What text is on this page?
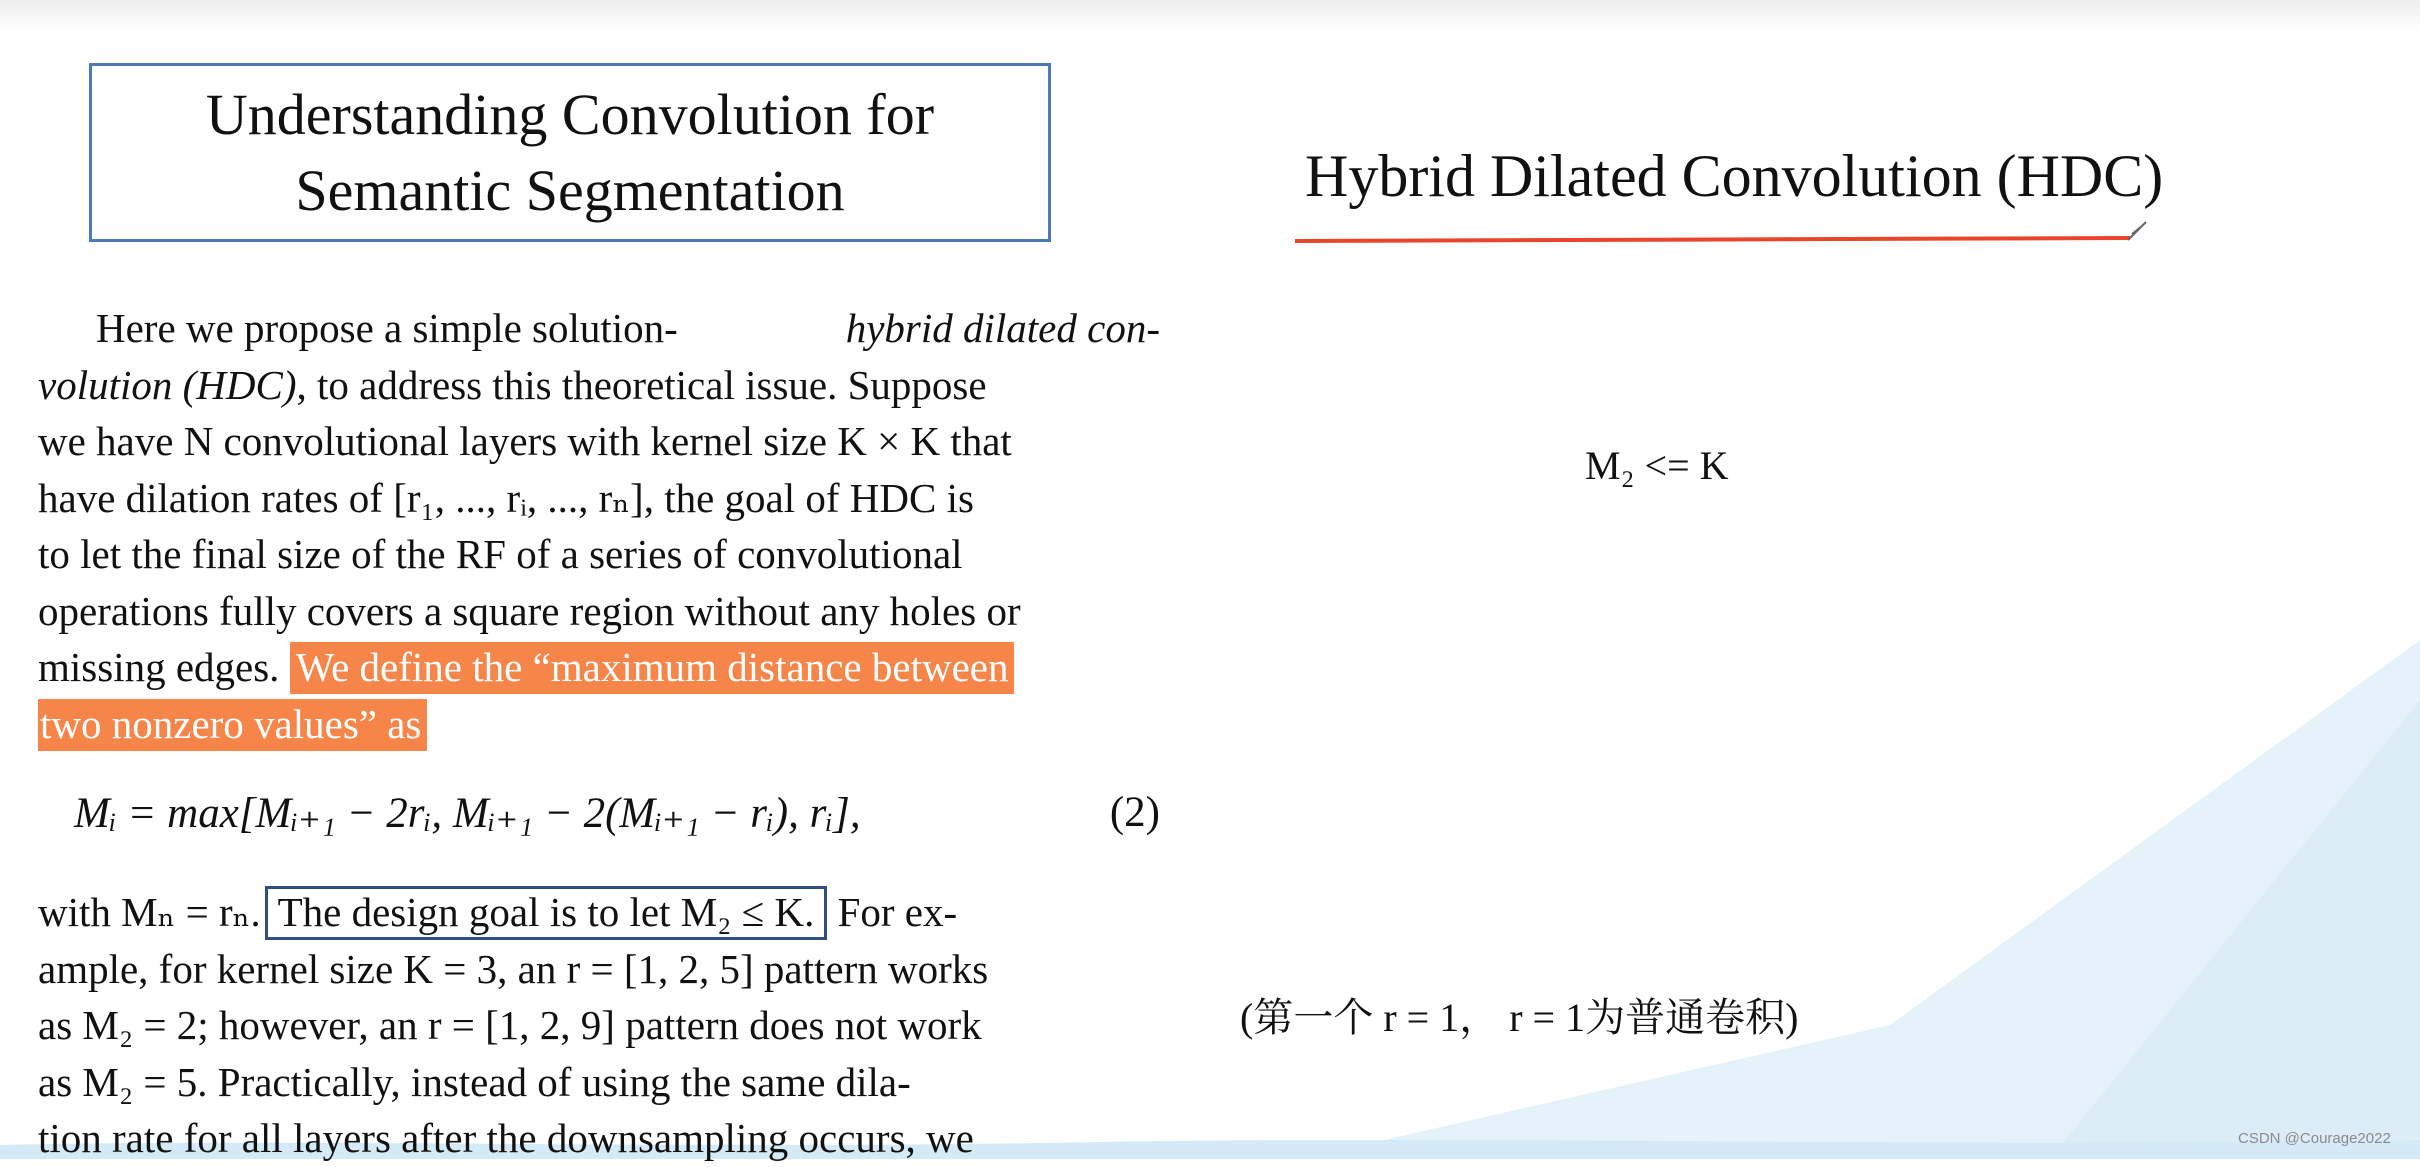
Understanding Convolution for
Semantic Segmentation
Here we propose a simple solution-	hybrid dilated con-
volution (HDC), to address this theoretical issue. Suppose
we have N convolutional layers with kernel size K × K that
have dilation rates of [r₁, ..., rᵢ, ..., rₙ], the goal of HDC is
to let the final size of the RF of a series of convolutional
operations fully covers a square region without any holes or
missing edges. We define the “maximum distance between
two nonzero values” as
Mᵢ = max[Mᵢ₊₁ − 2rᵢ, Mᵢ₊₁ − 2(Mᵢ₊₁ − rᵢ), rᵢ],	(2)
with Mₙ = rₙ. The design goal is to let M₂ ≤ K. For ex-
ample, for kernel size K = 3, an r = [1, 2, 5] pattern works
as M₂ = 2; however, an r = [1, 2, 9] pattern does not work
as M₂ = 5. Practically, instead of using the same dila-
tion rate for all layers after the downsampling occurs, we
Hybrid Dilated Convolution (HDC)
M₂ <= K
(第一个 r = 1， r = 1为普通卷积)
CSDN @Courage2022
